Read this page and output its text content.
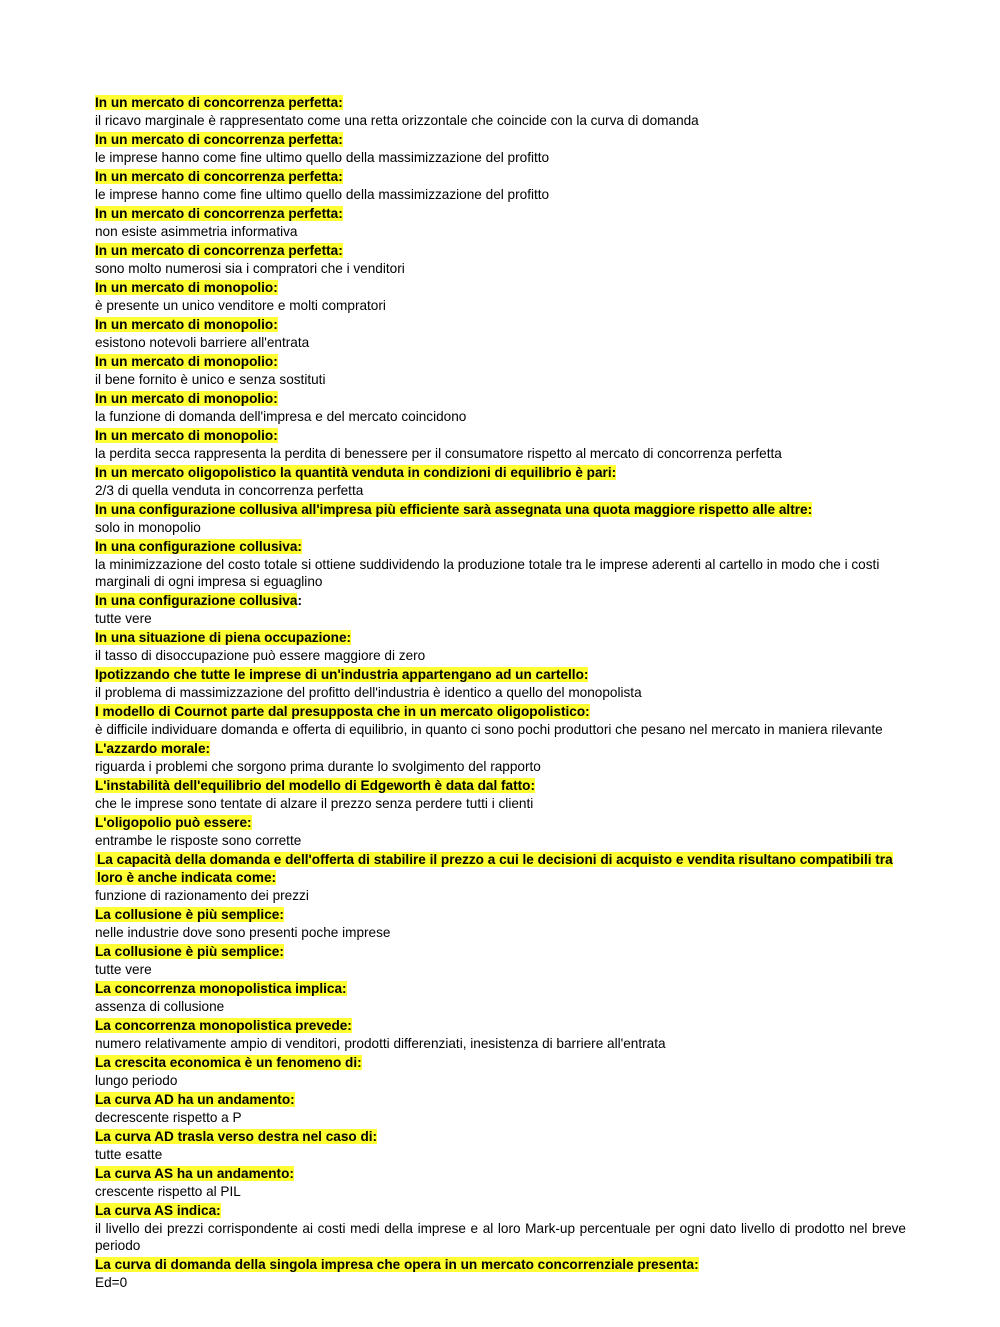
In un mercato di concorrenza perfetta:

il ricavo marginale è rappresentato come una retta orizzontale che coincide con la curva di domanda

In un mercato di concorrenza perfetta:

le imprese hanno come fine ultimo quello della massimizzazione del profitto

In un mercato di concorrenza perfetta:

le imprese hanno come fine ultimo quello della massimizzazione del profitto

In un mercato di concorrenza perfetta:

non esiste asimmetria informativa

In un mercato di concorrenza perfetta:

sono molto numerosi sia i compratori che i venditori

In un mercato di monopolio:

è presente un unico venditore e molti compratori

In un mercato di monopolio:

esistono notevoli barriere all'entrata

In un mercato di monopolio:

il bene fornito è unico e senza sostituti

In un mercato di monopolio:

la funzione di domanda dell'impresa e del mercato coincidono

In un mercato di monopolio:

la perdita secca rappresenta la perdita di benessere per il consumatore rispetto al mercato di concorrenza perfetta

In un mercato oligopolistico la quantità venduta in condizioni di equilibrio è pari:

2/3 di quella venduta in concorrenza perfetta

In una configurazione collusiva all'impresa più efficiente sarà assegnata una quota maggiore rispetto alle altre:

solo in monopolio

In una configurazione collusiva:

la minimizzazione del costo totale si ottiene suddividendo la produzione totale tra le imprese aderenti al cartello in modo che i costi marginali di ogni impresa si eguaglino

In una configurazione collusiva:

tutte vere

In una situazione di piena occupazione:

il tasso di disoccupazione può essere maggiore di zero

Ipotizzando che tutte le imprese di un'industria appartengano ad un cartello:

il problema di massimizzazione del profitto dell'industria è identico a quello del monopolista

I modello di Cournot parte dal presupposta che in un mercato oligopolistico:

è difficile individuare domanda e offerta di equilibrio, in quanto ci sono pochi produttori che pesano nel mercato in maniera rilevante

L'azzardo morale:

riguarda i problemi che sorgono prima durante lo svolgimento del rapporto

L'instabilità dell'equilibrio del modello di Edgeworth è data dal fatto:

che le imprese sono tentate di alzare il prezzo senza perdere tutti i clienti

L'oligopolio può essere:

entrambe le risposte sono corrette

La capacità della domanda e dell'offerta di stabilire il prezzo a cui le decisioni di acquisto e vendita risultano compatibili tra loro è anche indicata come:

funzione di razionamento dei prezzi

La collusione è più semplice:

nelle industrie dove sono presenti poche imprese

La collusione è più semplice:

tutte vere

La concorrenza monopolistica implica:

assenza di collusione

La concorrenza monopolistica prevede:

numero relativamente ampio di venditori, prodotti differenziati, inesistenza di barriere all'entrata

La crescita economica è un fenomeno di:

lungo periodo

La curva AD ha un andamento:

decrescente rispetto a P

La curva AD trasla verso destra nel caso di:

tutte esatte

La curva AS ha un andamento:

crescente rispetto al PIL

La curva AS indica:

il livello dei prezzi corrispondente ai costi medi della imprese e al loro Mark-up percentuale per ogni dato livello di prodotto nel breve periodo

La curva di domanda della singola impresa che opera in un mercato concorrenziale presenta:

Ed=0
